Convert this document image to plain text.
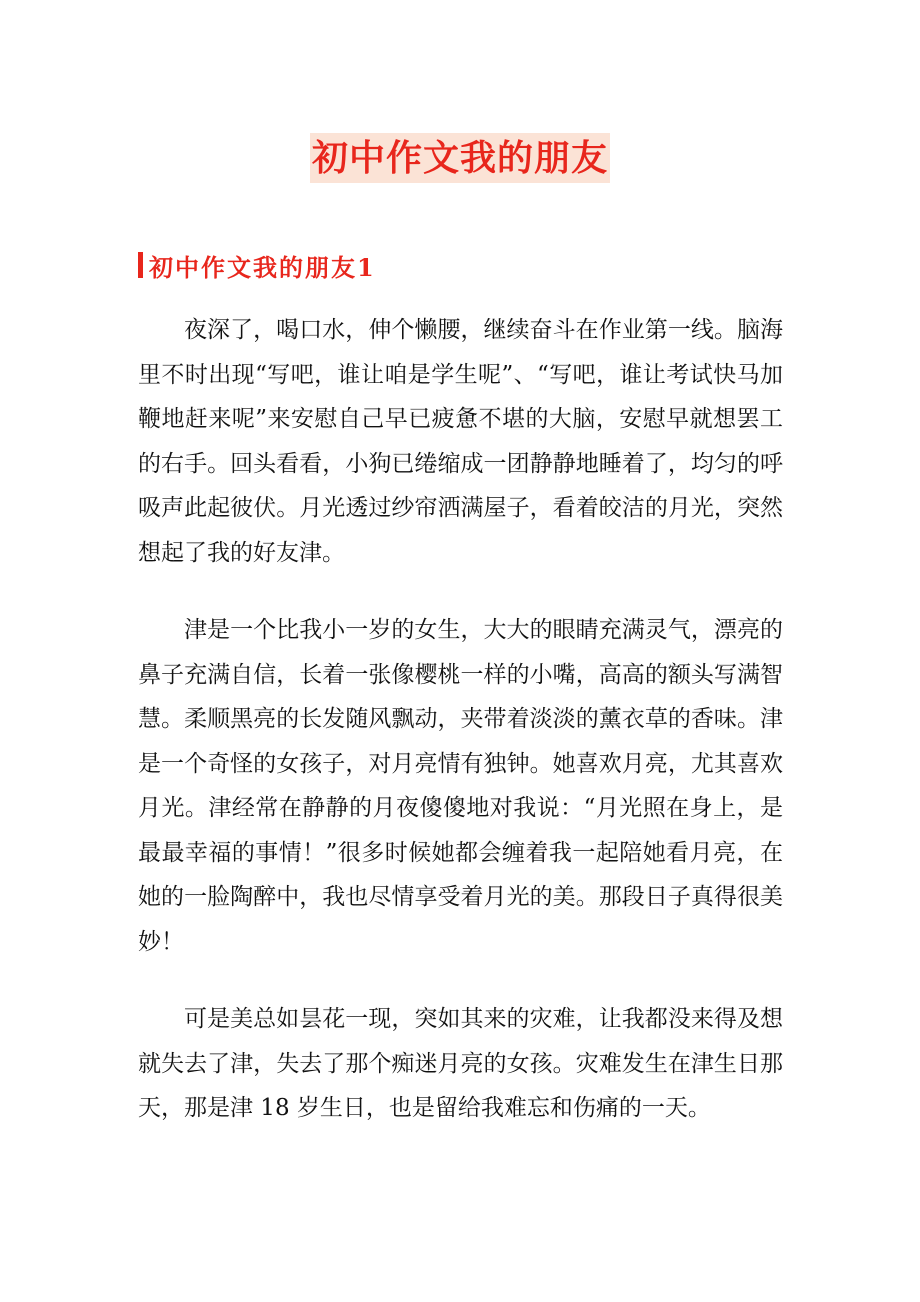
初中作文我的朋友
初中作文我的朋友1

夜深了，喝口水，伸个懒腰，继续奋斗在作业第一线。脑海里不时出现“写吧，谁让咱是学生呢”、“写吧，谁让考试快马加鞭地赶来呢”来安慰自己早已疲惫不堪的大脑，安慰早就想罢工的右手。回头看看，小狗已绻缩成一团静静地睡着了，均匀的呼吸声此起彼伏。月光透过纱帘洒满屋子，看着皎洁的月光，突然想起了我的好友津。

津是一个比我小一岁的女生，大大的眼睛充满灵气，漂亮的鼻子充满自信，长着一张像樱桃一样的小嘴，高高的额头写满智慧。柔顺黑亮的长发随风飘动，夹带着淡淡的薰衣草的香味。津是一个奇怪的女孩子，对月亮情有独钟。她喜欢月亮，尤其喜欢月光。津经常在静静的月夜傻傻地对我说：“月光照在身上，是最最幸福的事情！”很多时候她都会缠着我一起陪她看月亮，在她的一脸陶醉中，我也尽情享受着月光的美。那段日子真得很美妙！

可是美总如昙花一现，突如其来的灾难，让我都没来得及想就失去了津，失去了那个痴迷月亮的女孩。灾难发生在津生日那天，那是津 18 岁生日，也是留给我难忘和伤痛的一天。
